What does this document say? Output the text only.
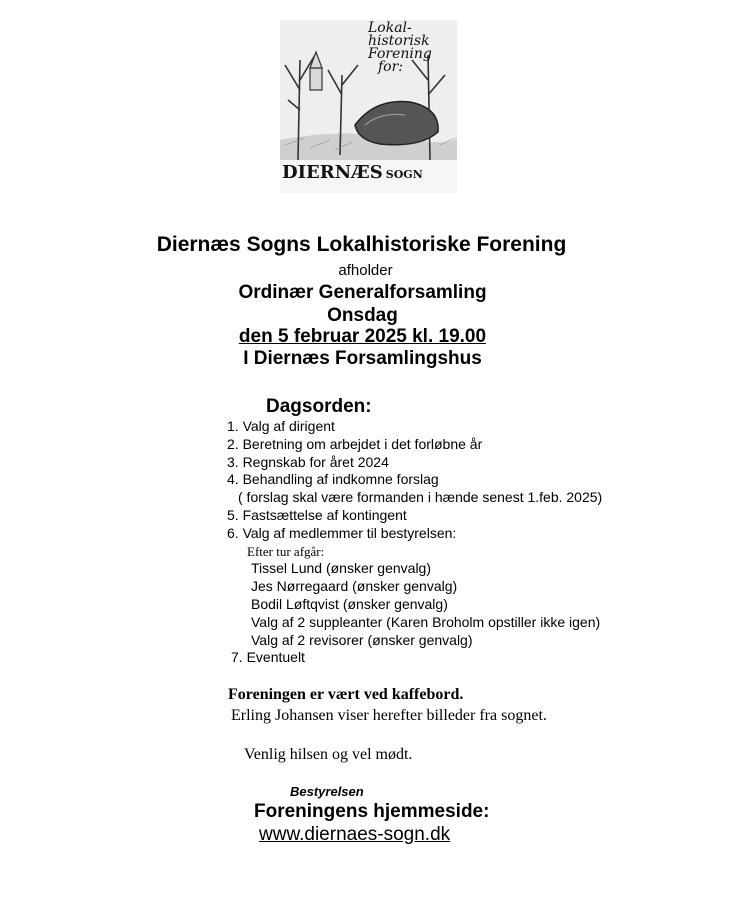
Lokal-
historisk
Forening
for:
DIERNÆS SOGN
Diernæs Sogns Lokalhistoriske Forening
afholder
Ordinær Generalforsamling
Onsdag
den 5 februar 2025 kl. 19.00
I Diernæs Forsamlingshus
Dagsorden:
1. Valg af dirigent
2. Beretning om arbejdet i det forløbne år
3. Regnskab for året 2024
4. Behandling af indkomne forslag
( forslag skal være formanden i hænde senest 1.feb. 2025)
5. Fastsættelse af kontingent
6. Valg af medlemmer til bestyrelsen:
Efter tur afgår:
Tissel Lund (ønsker genvalg)
Jes Nørregaard (ønsker genvalg)
Bodil Løftqvist (ønsker genvalg)
Valg af 2 suppleanter (Karen Broholm opstiller ikke igen)
Valg af 2 revisorer (ønsker genvalg)
7. Eventuelt
Foreningen er vært ved kaffebord.
Erling Johansen viser herefter billeder fra sognet.
Venlig hilsen og vel mødt.
Bestyrelsen
Foreningens hjemmeside:
www.diernaes-sogn.dk
